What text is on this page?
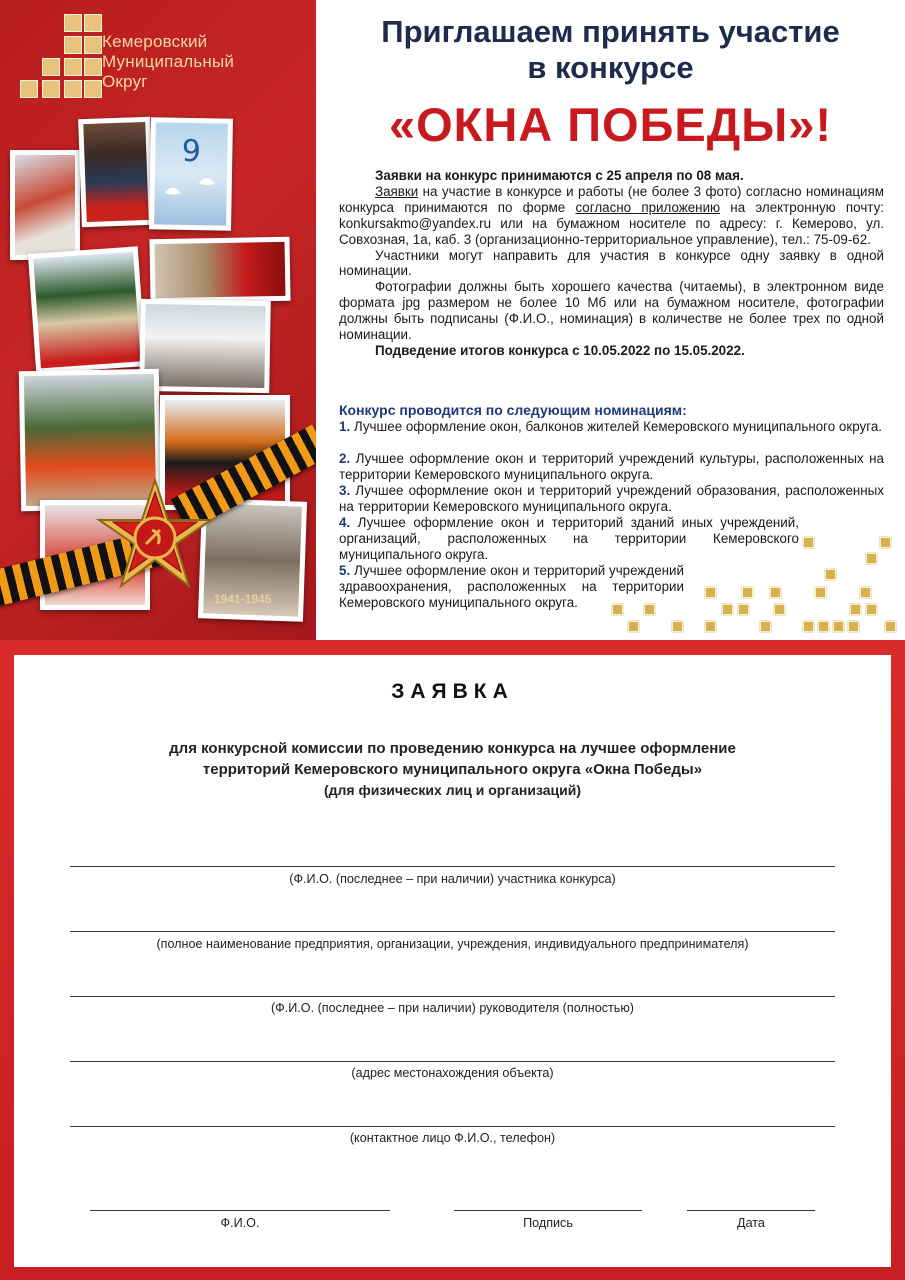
Кемеровский
Муниципальный
Округ
9
1941-1945
Приглашаем принять участие
в конкурсе
«ОКНА ПОБЕДЫ»!

Заявки на конкурс принимаются с 25 апреля по 08 мая.

Заявки на участие в конкурсе и работы (не более 3 фото) согласно номинациям конкурса принимаются по форме согласно приложению на электронную почту: konkursakmo@yandex.ru или на бумажном носителе по адресу: г. Кемерово, ул. Совхозная, 1а, каб. 3 (организационно-территориальное управление), тел.: 75-09-62.

Участники могут направить для участия в конкурсе одну заявку в одной номинации.

Фотографии должны быть хорошего качества (читаемы), в электронном виде формата jpg размером не более 10 Мб или на бумажном носителе, фотографии должны быть подписаны (Ф.И.О., номинация) в количестве не более трех по одной номинации.

Подведение итогов конкурса с 10.05.2022 по 15.05.2022.

Конкурс проводится по следующим номинациям:
1. Лучшее оформление окон, балконов жителей Кемеровского муниципального округа.
2. Лучшее оформление окон и территорий учреждений культуры, расположенных на территории Кемеровского муниципального округа.
3. Лучшее оформление окон и территорий учреждений образования, расположенных на территории Кемеровского муниципального округа.
4. Лучшее оформление окон и территорий зданий иных учреждений, организаций, расположенных на территории Кемеровского муниципального округа.
5. Лучшее оформление окон и территорий учреждений здравоохранения, расположенных на территории Кемеровского муниципального округа.
ЗАЯВКА
для конкурсной комиссии по проведению конкурса на лучшее оформление
территорий Кемеровского муниципального округа «Окна Победы»
(для физических лиц и организаций)
(Ф.И.О. (последнее – при наличии) участника конкурса)
(полное наименование предприятия, организации, учреждения, индивидуального предпринимателя)
(Ф.И.О. (последнее – при наличии) руководителя (полностью)
(адрес местонахождения объекта)
(контактное лицо Ф.И.О., телефон)
Ф.И.О.	Подпись	Дата
